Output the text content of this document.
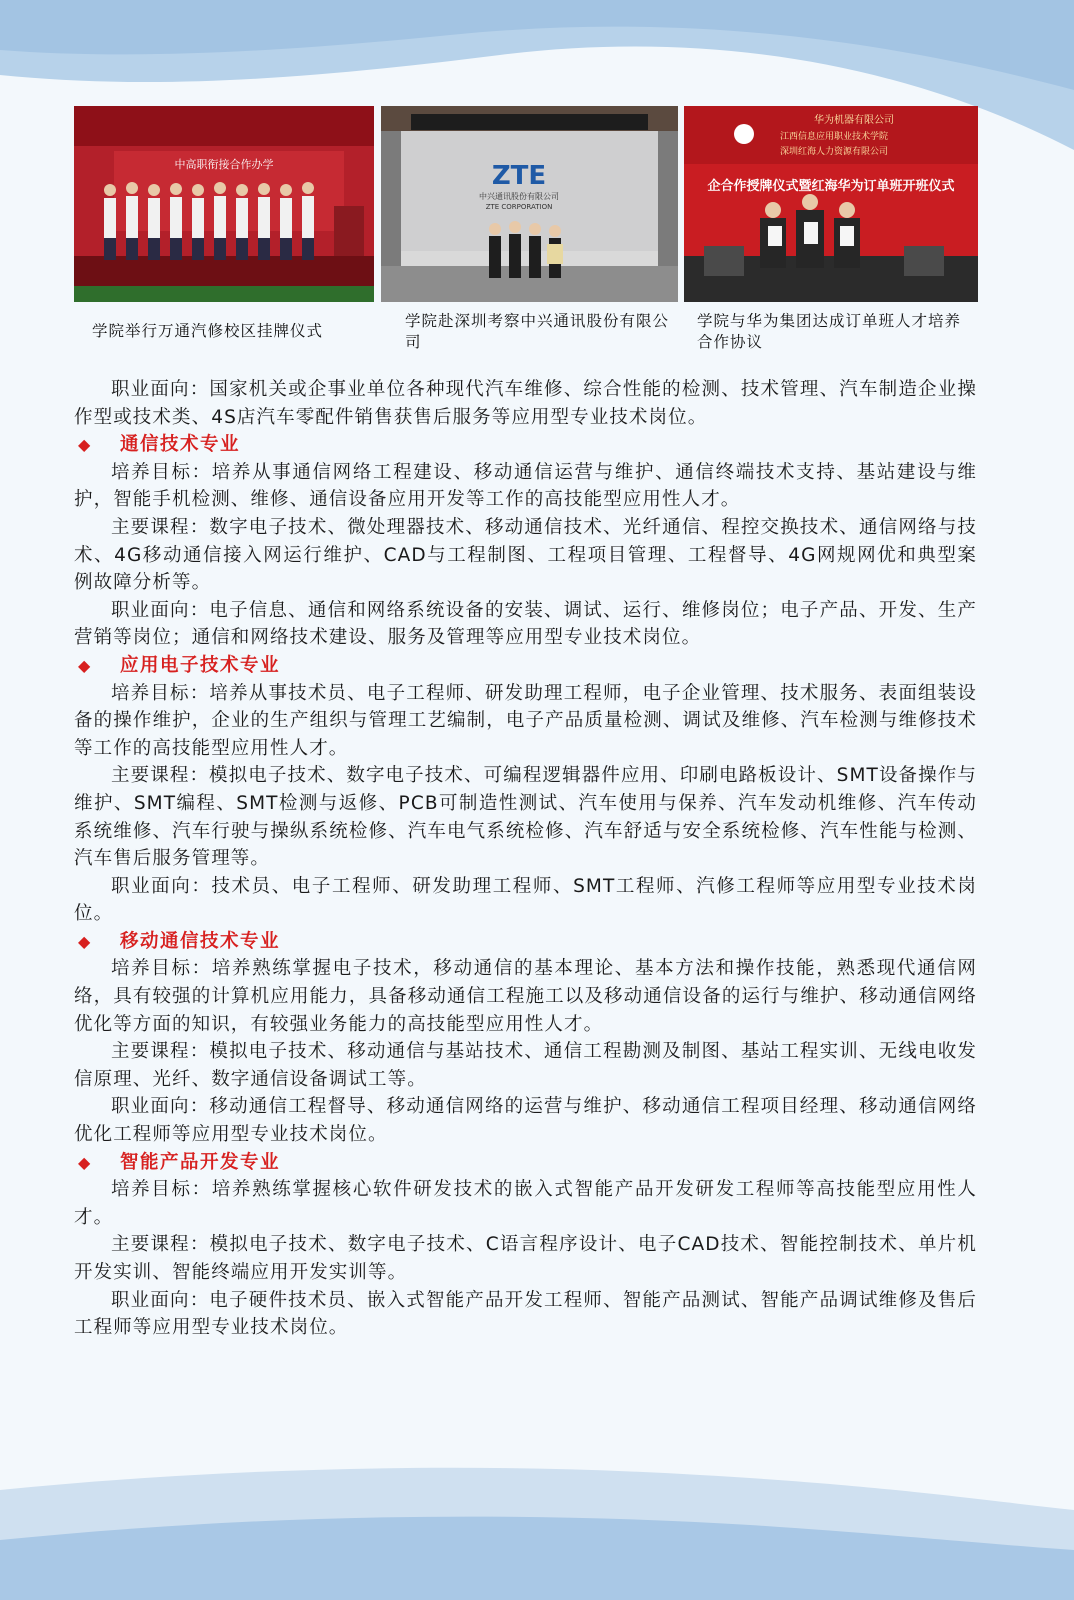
中高职衔接合作办学	ZTE
中兴通讯股份有限公司
ZTE CORPORATION
华为机器有限公司
江西信息应用职业技术学院
深圳红海人力资源有限公司
企合作授牌仪式暨红海华为订单班开班仪式
学院举行万通汽修校区挂牌仪式
学院赴深圳考察中兴通讯股份有限公司
学院与华为集团达成订单班人才培养合作协议

职业面向：国家机关或企事业单位各种现代汽车维修、综合性能的检测、技术管理、汽车制造企业操作型或技术类、4S店汽车零配件销售获售后服务等应用型专业技术岗位。

◆ 通信技术专业

培养目标：培养从事通信网络工程建设、移动通信运营与维护、通信终端技术支持、基站建设与维护，智能手机检测、维修、通信设备应用开发等工作的高技能型应用性人才。

主要课程：数字电子技术、微处理器技术、移动通信技术、光纤通信、程控交换技术、通信网络与技术、4G移动通信接入网运行维护、CAD与工程制图、工程项目管理、工程督导、4G网规网优和典型案例故障分析等。

职业面向：电子信息、通信和网络系统设备的安装、调试、运行、维修岗位；电子产品、开发、生产营销等岗位；通信和网络技术建设、服务及管理等应用型专业技术岗位。

◆ 应用电子技术专业

培养目标：培养从事技术员、电子工程师、研发助理工程师，电子企业管理、技术服务、表面组装设备的操作维护，企业的生产组织与管理工艺编制，电子产品质量检测、调试及维修、汽车检测与维修技术等工作的高技能型应用性人才。

主要课程：模拟电子技术、数字电子技术、可编程逻辑器件应用、印刷电路板设计、SMT设备操作与维护、SMT编程、SMT检测与返修、PCB可制造性测试、汽车使用与保养、汽车发动机维修、汽车传动系统维修、汽车行驶与操纵系统检修、汽车电气系统检修、汽车舒适与安全系统检修、汽车性能与检测、汽车售后服务管理等。

职业面向：技术员、电子工程师、研发助理工程师、SMT工程师、汽修工程师等应用型专业技术岗位。

◆ 移动通信技术专业

培养目标：培养熟练掌握电子技术，移动通信的基本理论、基本方法和操作技能，熟悉现代通信网络，具有较强的计算机应用能力，具备移动通信工程施工以及移动通信设备的运行与维护、移动通信网络优化等方面的知识，有较强业务能力的高技能型应用性人才。

主要课程：模拟电子技术、移动通信与基站技术、通信工程勘测及制图、基站工程实训、无线电收发信原理、光纤、数字通信设备调试工等。

职业面向：移动通信工程督导、移动通信网络的运营与维护、移动通信工程项目经理、移动通信网络优化工程师等应用型专业技术岗位。

◆ 智能产品开发专业

培养目标：培养熟练掌握核心软件研发技术的嵌入式智能产品开发研发工程师等高技能型应用性人才。

主要课程：模拟电子技术、数字电子技术、C语言程序设计、电子CAD技术、智能控制技术、单片机开发实训、智能终端应用开发实训等。

职业面向：电子硬件技术员、嵌入式智能产品开发工程师、智能产品测试、智能产品调试维修及售后工程师等应用型专业技术岗位。
